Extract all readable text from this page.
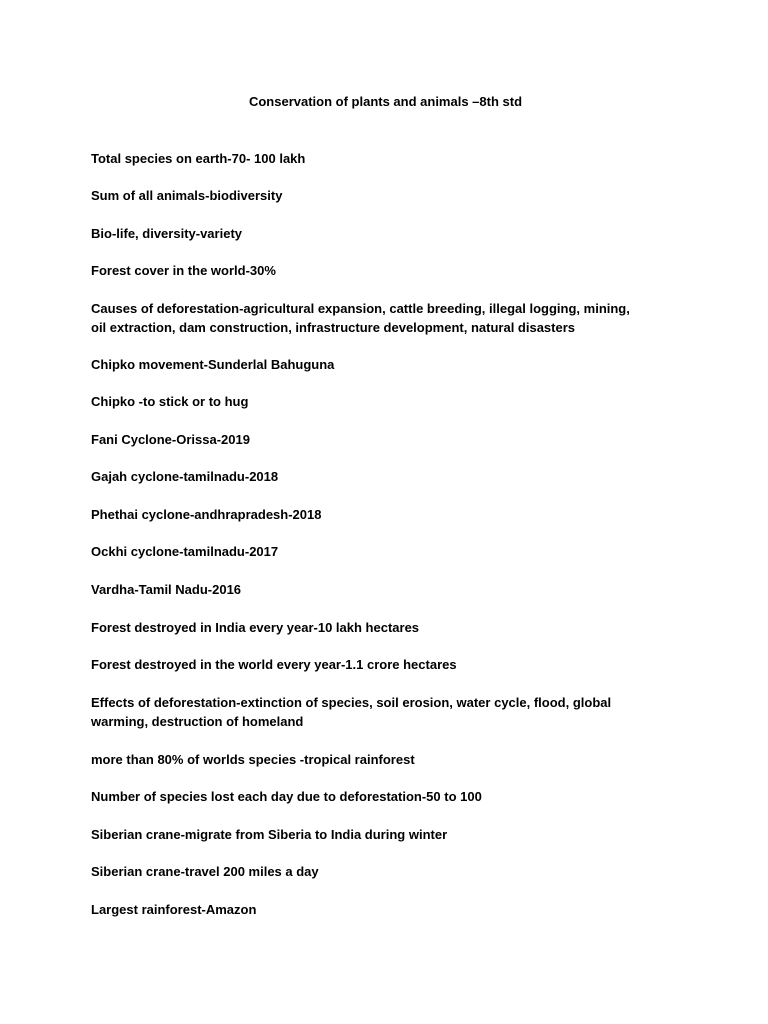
Conservation of plants and animals –8th std
Total species on earth-70- 100 lakh
Sum of all animals-biodiversity
Bio-life, diversity-variety
Forest cover in the world-30%
Causes of deforestation-agricultural expansion, cattle breeding, illegal logging, mining,
oil extraction, dam construction, infrastructure development, natural disasters
Chipko movement-Sunderlal Bahuguna
Chipko -to stick or to hug
Fani Cyclone-Orissa-2019
Gajah cyclone-tamilnadu-2018
Phethai cyclone-andhrapradesh-2018
Ockhi cyclone-tamilnadu-2017
Vardha-Tamil Nadu-2016
Forest destroyed in India every year-10 lakh hectares
Forest destroyed in the world every year-1.1 crore hectares
Effects of deforestation-extinction of species, soil erosion, water cycle, flood, global
warming, destruction of homeland
more than 80% of worlds species -tropical rainforest
Number of species lost each day due to deforestation-50 to 100
Siberian crane-migrate from Siberia to India during winter
Siberian crane-travel 200 miles a day
Largest rainforest-Amazon
